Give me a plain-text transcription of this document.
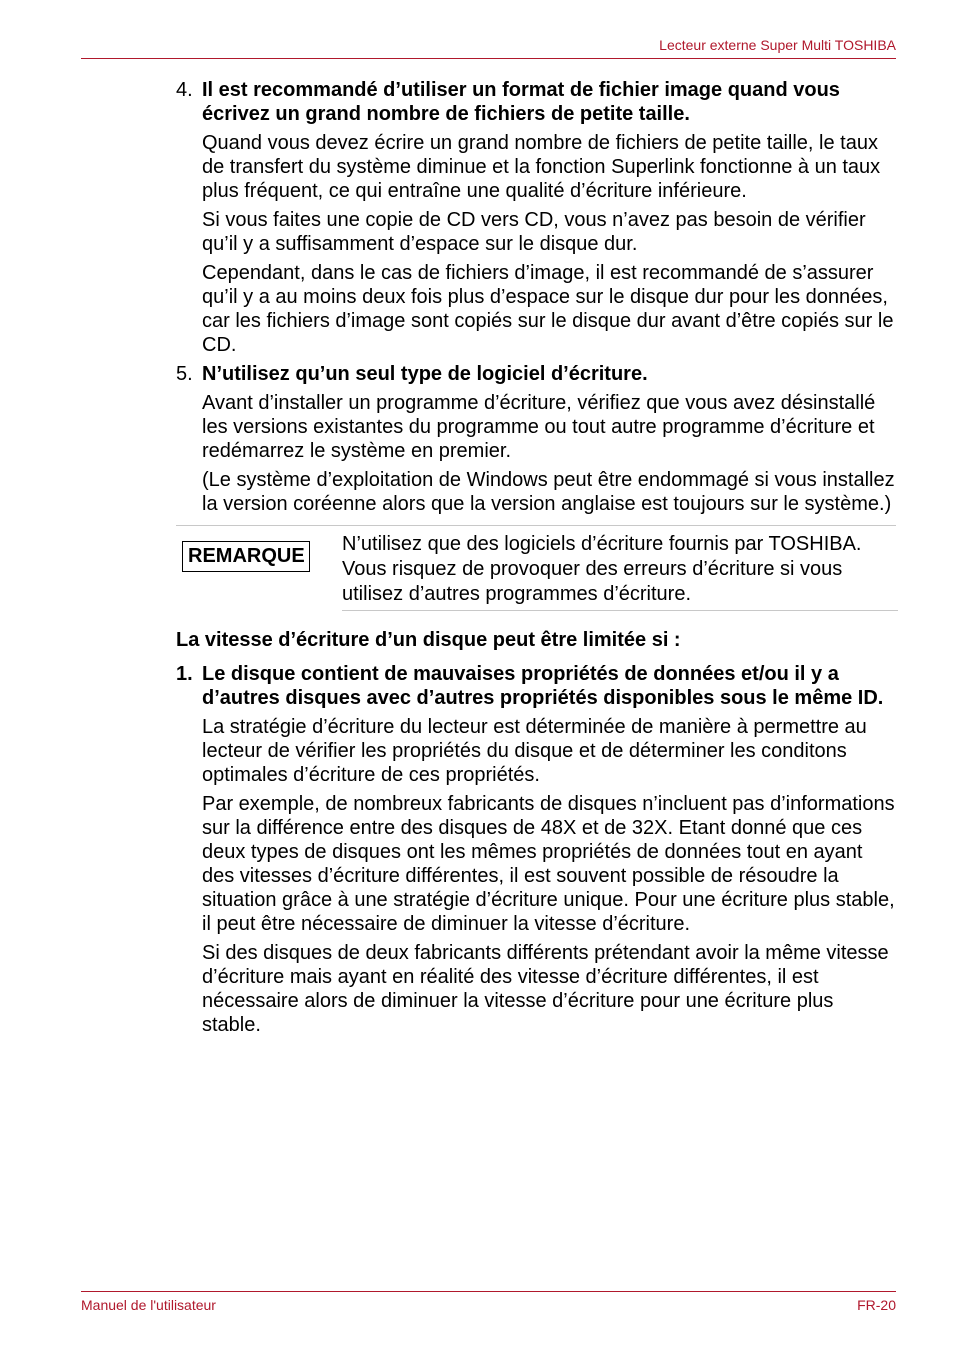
Lecteur externe Super Multi TOSHIBA
4. Il est recommandé d’utiliser un format de fichier image quand vous écrivez un grand nombre de fichiers de petite taille.

Quand vous devez écrire un grand nombre de fichiers de petite taille, le taux de transfert du système diminue et la fonction Superlink fonctionne à un taux plus fréquent, ce qui entraîne une qualité d’écriture inférieure.

Si vous faites une copie de CD vers CD, vous n’avez pas besoin de vérifier qu’il y a suffisamment d’espace sur le disque dur.

Cependant, dans le cas de fichiers d’image, il est recommandé de s’assurer qu’il y a au moins deux fois plus d’espace sur le disque dur pour les données, car les fichiers d’image sont copiés sur le disque dur avant d’être copiés sur le CD.

5. N’utilisez qu’un seul type de logiciel d’écriture.

Avant d’installer un programme d’écriture, vérifiez que vous avez désinstallé les versions existantes du programme ou tout autre programme d’écriture et redémarrez le système en premier.

(Le système d’exploitation de Windows peut être endommagé si vous installez la version coréenne alors que la version anglaise est toujours sur le système.)

REMARQUE
N’utilisez que des logiciels d’écriture fournis par TOSHIBA. Vous risquez de provoquer des erreurs d’écriture si vous utilisez d’autres programmes d’écriture.
La vitesse d’écriture d’un disque peut être limitée si :
1. Le disque contient de mauvaises propriétés de données et/ou il y a d’autres disques avec d’autres propriétés disponibles sous le même ID.

La stratégie d’écriture du lecteur est déterminée de manière à permettre au lecteur de vérifier les propriétés du disque et de déterminer les conditons optimales d’écriture de ces propriétés.

Par exemple, de nombreux fabricants de disques n’incluent pas d’informations sur la différence entre des disques de 48X et de 32X. Etant donné que ces deux types de disques ont les mêmes propriétés de données tout en ayant des vitesses d’écriture différentes, il est souvent possible de résoudre la situation grâce à une stratégie d’écriture unique. Pour une écriture plus stable, il peut être nécessaire de diminuer la vitesse d’écriture.

Si des disques de deux fabricants différents prétendant avoir la même vitesse d’écriture mais ayant en réalité des vitesse d’écriture différentes, il est nécessaire alors de diminuer la vitesse d’écriture pour une écriture plus stable.

Manuel de l'utilisateur	FR-20
